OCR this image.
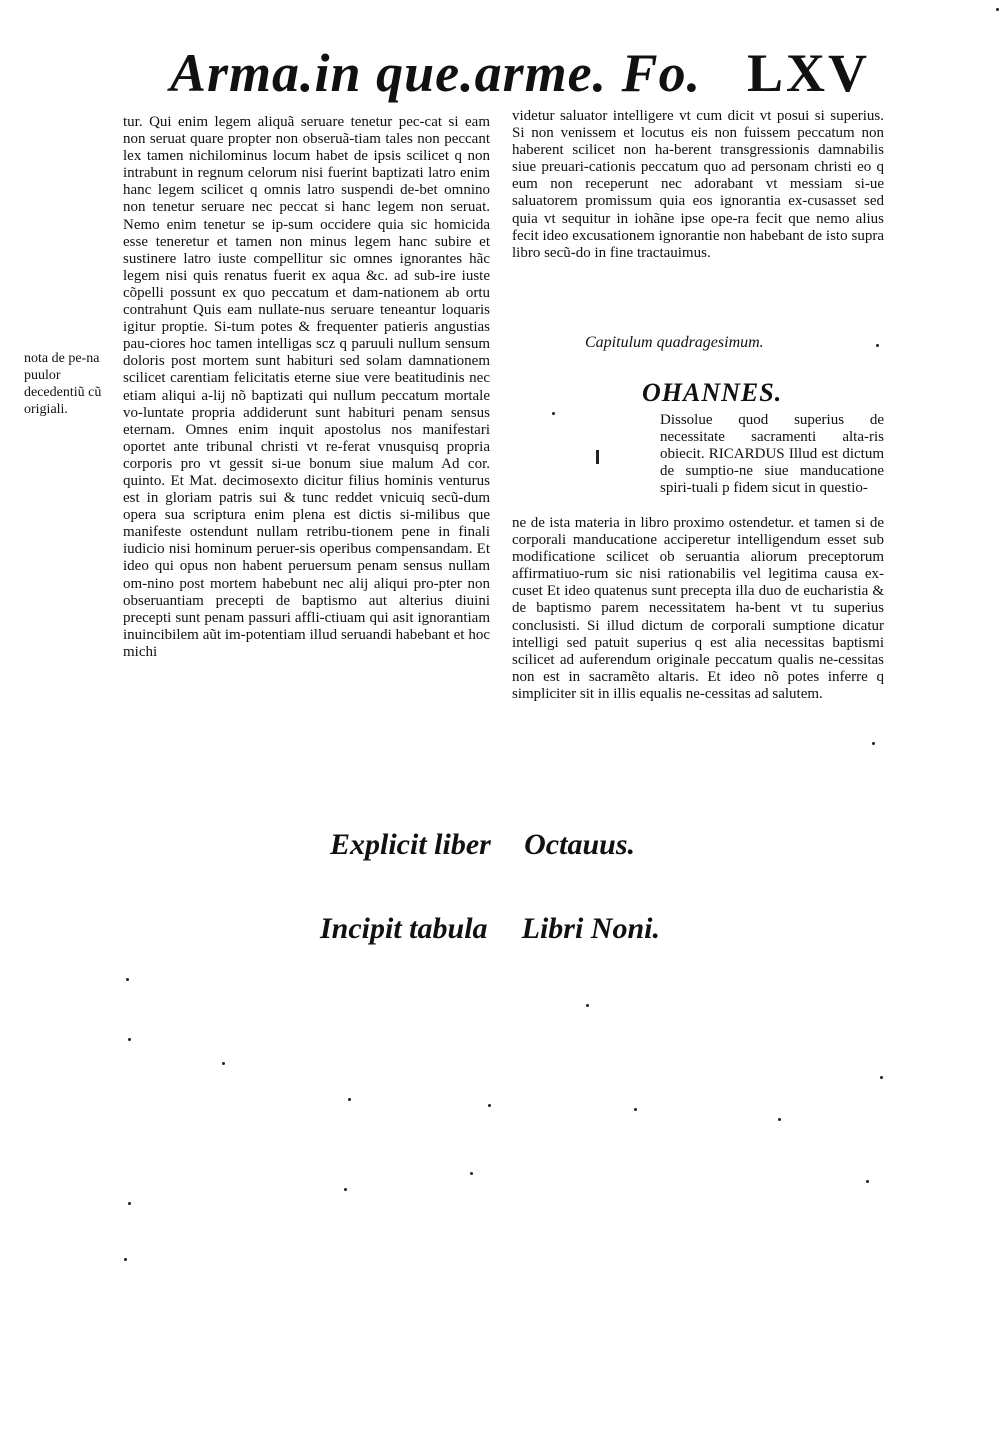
Arma.in que.arme. Fo. LXV
nota de pe-na puulor decedentiũ cũ origiali.

tur. Qui enim legem aliquã seruare tenetur pec-cat si eam non seruat quare propter non obseruã-tiam tales non peccant lex tamen nichilominus locum habet de ipsis scilicet q non intrabunt in regnum celorum nisi fuerint baptizati latro enim hanc legem scilicet q omnis latro suspendi de-bet omnino non tenetur seruare nec peccat si hanc legem non seruat. Nemo enim tenetur se ip-sum occidere quia sic homicida esse teneretur et tamen non minus legem hanc subire et sustinere latro iuste compellitur sic omnes ignorantes hãc legem nisi quis renatus fuerit ex aqua &c. ad sub-ire iuste cõpelli possunt ex quo peccatum et dam-nationem ab ortu contrahunt Quis eam nullate-nus seruare teneantur loquaris igitur proptie. Si-tum potes & frequenter patieris angustias pau-ciores hoc tamen intelligas scz q paruuli nullum sensum doloris post mortem sunt habituri sed solam damnationem scilicet carentiam felicitatis eterne siue vere beatitudinis nec etiam aliqui a-lij nõ baptizati qui nullum peccatum mortale vo-luntate propria addiderunt sunt habituri penam sensus eternam. Omnes enim inquit apostolus nos manifestari oportet ante tribunal christi vt re-ferat vnusquisq propria corporis pro vt gessit si-ue bonum siue malum Ad cor. quinto. Et Mat. decimosexto dicitur filius hominis venturus est in gloriam patris sui & tunc reddet vnicuiq secũ-dum opera sua scriptura enim plena est dictis si-milibus que manifeste ostendunt nullam retribu-tionem pene in finali iudicio nisi hominum peruer-sis operibus compensandam. Et ideo qui opus non habent peruersum penam sensus nullam om-nino post mortem habebunt nec alij aliqui pro-pter non obseruantiam precepti de baptismo aut alterius diuini precepti sunt penam passuri affli-ctiuam qui asit ignorantiam inuincibilem aũt im-potentiam illud seruandi habebant et hoc michi

videtur saluator intelligere vt cum dicit vt posui si superius. Si non venissem et locutus eis non fuissem peccatum non haberent scilicet non ha-berent transgressionis damnabilis siue preuari-cationis peccatum quo ad personam christi eo q eum non receperunt nec adorabant vt messiam si-ue saluatorem promissum quia eos ignorantia ex-cusasset sed quia vt sequitur in iohãne ipse ope-ra fecit que nemo alius fecit ideo excusationem ignorantie non habebant de isto supra libro secũ-do in fine tractauimus.

Capitulum quadragesimum.
OHANNES.

Dissolue quod superius de necessitate sacramenti alta-ris obiecit. RICARDUS Illud est dictum de sumptio-ne siue manducatione spiri-tuali p fidem sicut in questio-

ne de ista materia in libro proximo ostendetur. et tamen si de corporali manducatione acciperetur intelligendum esset sub modificatione scilicet ob seruantia aliorum preceptorum affirmatiuo-rum sic nisi rationabilis vel legitima causa ex-cuset Et ideo quatenus sunt precepta illa duo de eucharistia & de baptismo parem necessitatem ha-bent vt tu superius conclusisti. Si illud dictum de corporali sumptione dicatur intelligi sed patuit superius q est alia necessitas baptismi scilicet ad auferendum originale peccatum qualis ne-cessitas non est in sacramẽto altaris. Et ideo nõ potes inferre q simpliciter sit in illis equalis ne-cessitas ad salutem.

Explicit liber Octauus.
Incipit tabula Libri Noni.
